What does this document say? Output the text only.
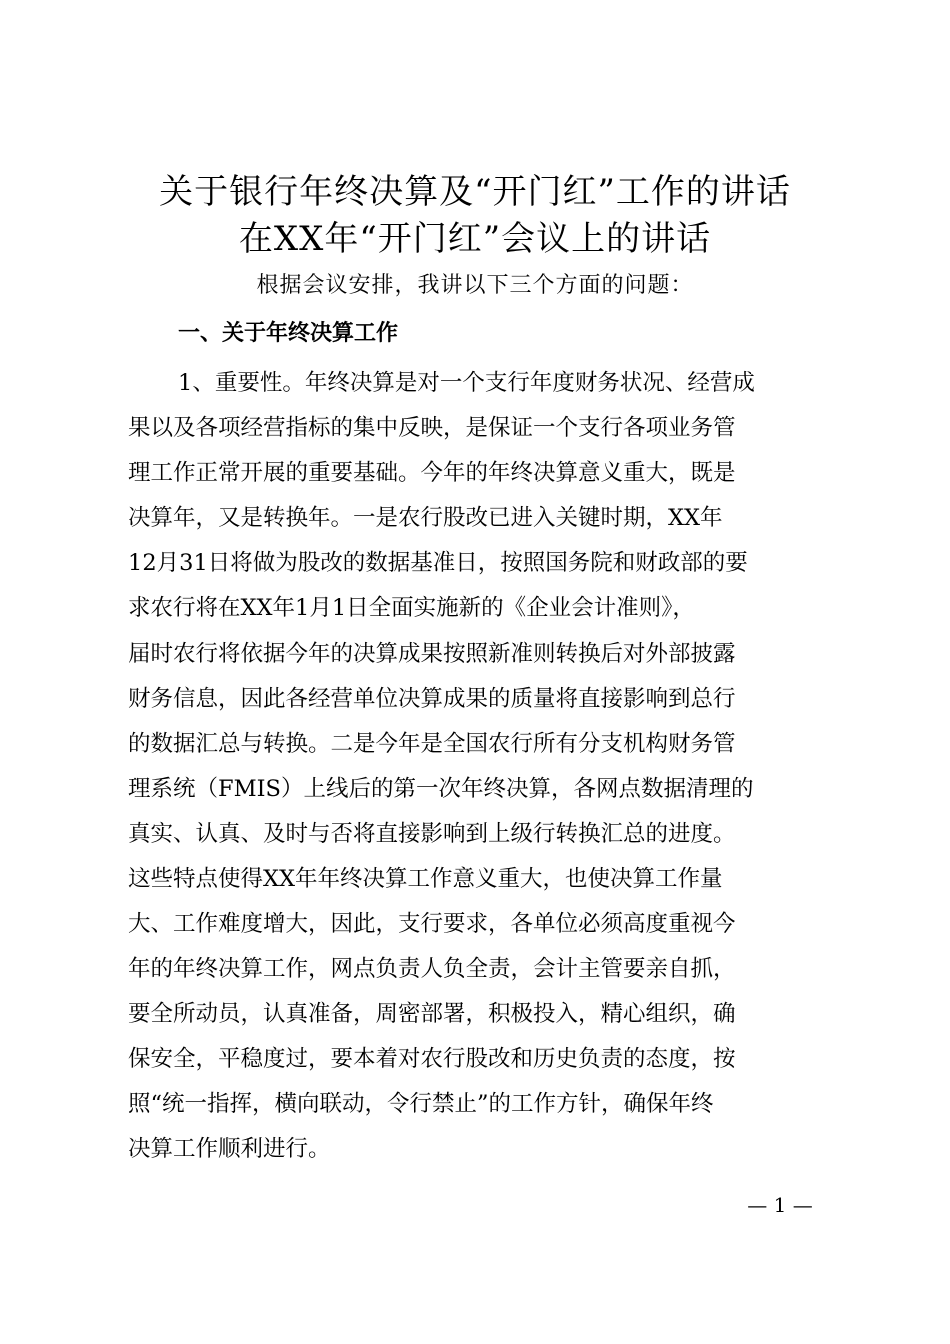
关于银行年终决算及“开门红”工作的讲话
在XX年“开门红”会议上的讲话
根据会议安排，我讲以下三个方面的问题：
一、关于年终决算工作

1、重要性。年终决算是对一个支行年度财务状况、经营成

果以及各项经营指标的集中反映，是保证一个支行各项业务管

理工作正常开展的重要基础。今年的年终决算意义重大，既是

决算年，又是转换年。一是农行股改已进入关键时期，XX年

12月31日将做为股改的数据基准日，按照国务院和财政部的要

求农行将在XX年1月1日全面实施新的《企业会计准则》，

届时农行将依据今年的决算成果按照新准则转换后对外部披露

财务信息，因此各经营单位决算成果的质量将直接影响到总行

的数据汇总与转换。二是今年是全国农行所有分支机构财务管

理系统（FMIS）上线后的第一次年终决算，各网点数据清理的

真实、认真、及时与否将直接影响到上级行转换汇总的进度。

这些特点使得XX年年终决算工作意义重大，也使决算工作量

大、工作难度增大，因此，支行要求，各单位必须高度重视今

年的年终决算工作，网点负责人负全责，会计主管要亲自抓，

要全所动员，认真准备，周密部署，积极投入，精心组织，确

保安全，平稳度过，要本着对农行股改和历史负责的态度，按

照“统一指挥，横向联动，令行禁止”的工作方针，确保年终

决算工作顺利进行。

— 1 —
